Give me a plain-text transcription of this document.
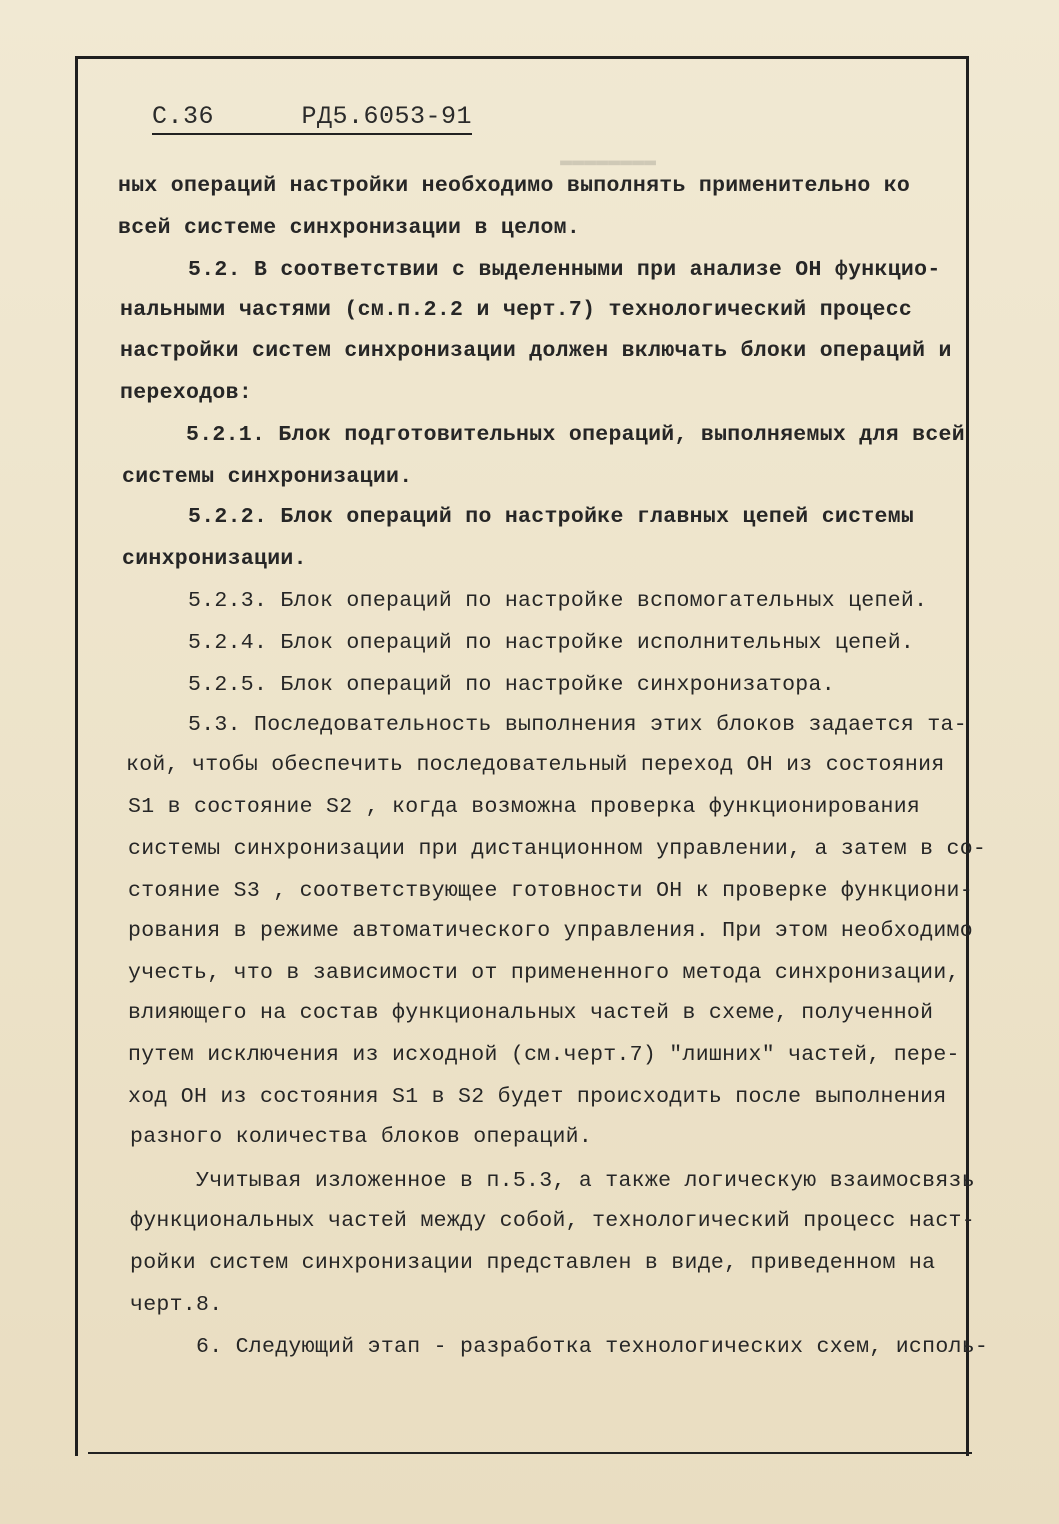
▬▬▬▬▬▬▬▬
С.36	РД5.6053-91
ных операций настройки необходимо выполнять применительно ко
всей системе синхронизации в целом.
5.2. В соответствии с выделенными при анализе ОН функцио-
нальными частями (см.п.2.2 и черт.7) технологический процесс
настройки систем синхронизации должен включать блоки операций и
переходов:
5.2.1. Блок подготовительных операций, выполняемых для всей
системы синхронизации.
5.2.2. Блок операций по настройке главных цепей системы
синхронизации.
5.2.3. Блок операций по настройке вспомогательных цепей.
5.2.4. Блок операций по настройке исполнительных цепей.
5.2.5. Блок операций по настройке синхронизатора.
5.3. Последовательность выполнения этих блоков задается та-
кой, чтобы обеспечить последовательный переход ОН из состояния
S1 в состояние S2 , когда возможна проверка функционирования
системы синхронизации при дистанционном управлении, а затем в со-
стояние S3 , соответствующее готовности ОН к проверке функциони-
рования в режиме автоматического управления. При этом необходимо
учесть, что в зависимости от примененного метода синхронизации,
влияющего на состав функциональных частей в схеме, полученной
путем исключения из исходной (см.черт.7) "лишних" частей, пере-
ход ОН из состояния S1 в S2 будет происходить после выполнения
разного количества блоков операций.
Учитывая изложенное в п.5.3, а также логическую взаимосвязь
функциональных частей между собой, технологический процесс наст-
ройки систем синхронизации представлен в виде, приведенном на
черт.8.
6. Следующий этап - разработка технологических схем, исполь-
